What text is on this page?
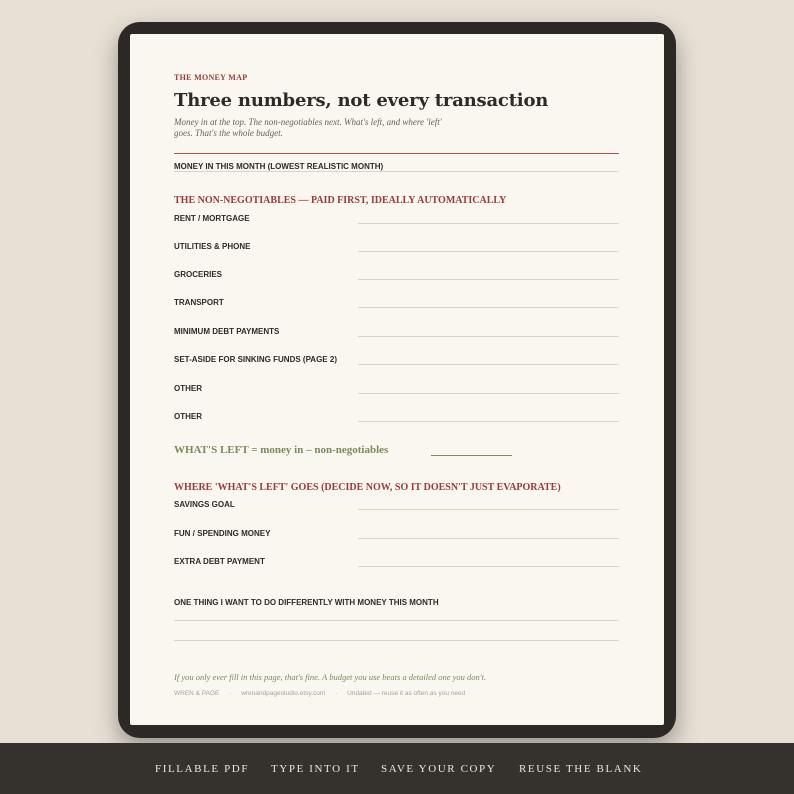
THE MONEY MAP
Three numbers, not every transaction
Money in at the top. The non-negotiables next. What's left, and where 'left' goes. That's the whole budget.
MONEY IN THIS MONTH (LOWEST REALISTIC MONTH)
THE NON-NEGOTIABLES — PAID FIRST, IDEALLY AUTOMATICALLY
RENT / MORTGAGE
UTILITIES & PHONE
GROCERIES
TRANSPORT
MINIMUM DEBT PAYMENTS
SET-ASIDE FOR SINKING FUNDS (PAGE 2)
OTHER
OTHER
WHAT'S LEFT = money in – non-negotiables
WHERE 'WHAT'S LEFT' GOES (DECIDE NOW, SO IT DOESN'T JUST EVAPORATE)
SAVINGS GOAL
FUN / SPENDING MONEY
EXTRA DEBT PAYMENT
ONE THING I WANT TO DO DIFFERENTLY WITH MONEY THIS MONTH
If you only ever fill in this page, that's fine. A budget you use beats a detailed one you don't.
WREN & PAGE · wrenandpagestudio.etsy.com · Undated — reuse it as often as you need
FILLABLE PDF TYPE INTO IT SAVE YOUR COPY REUSE THE BLANK
